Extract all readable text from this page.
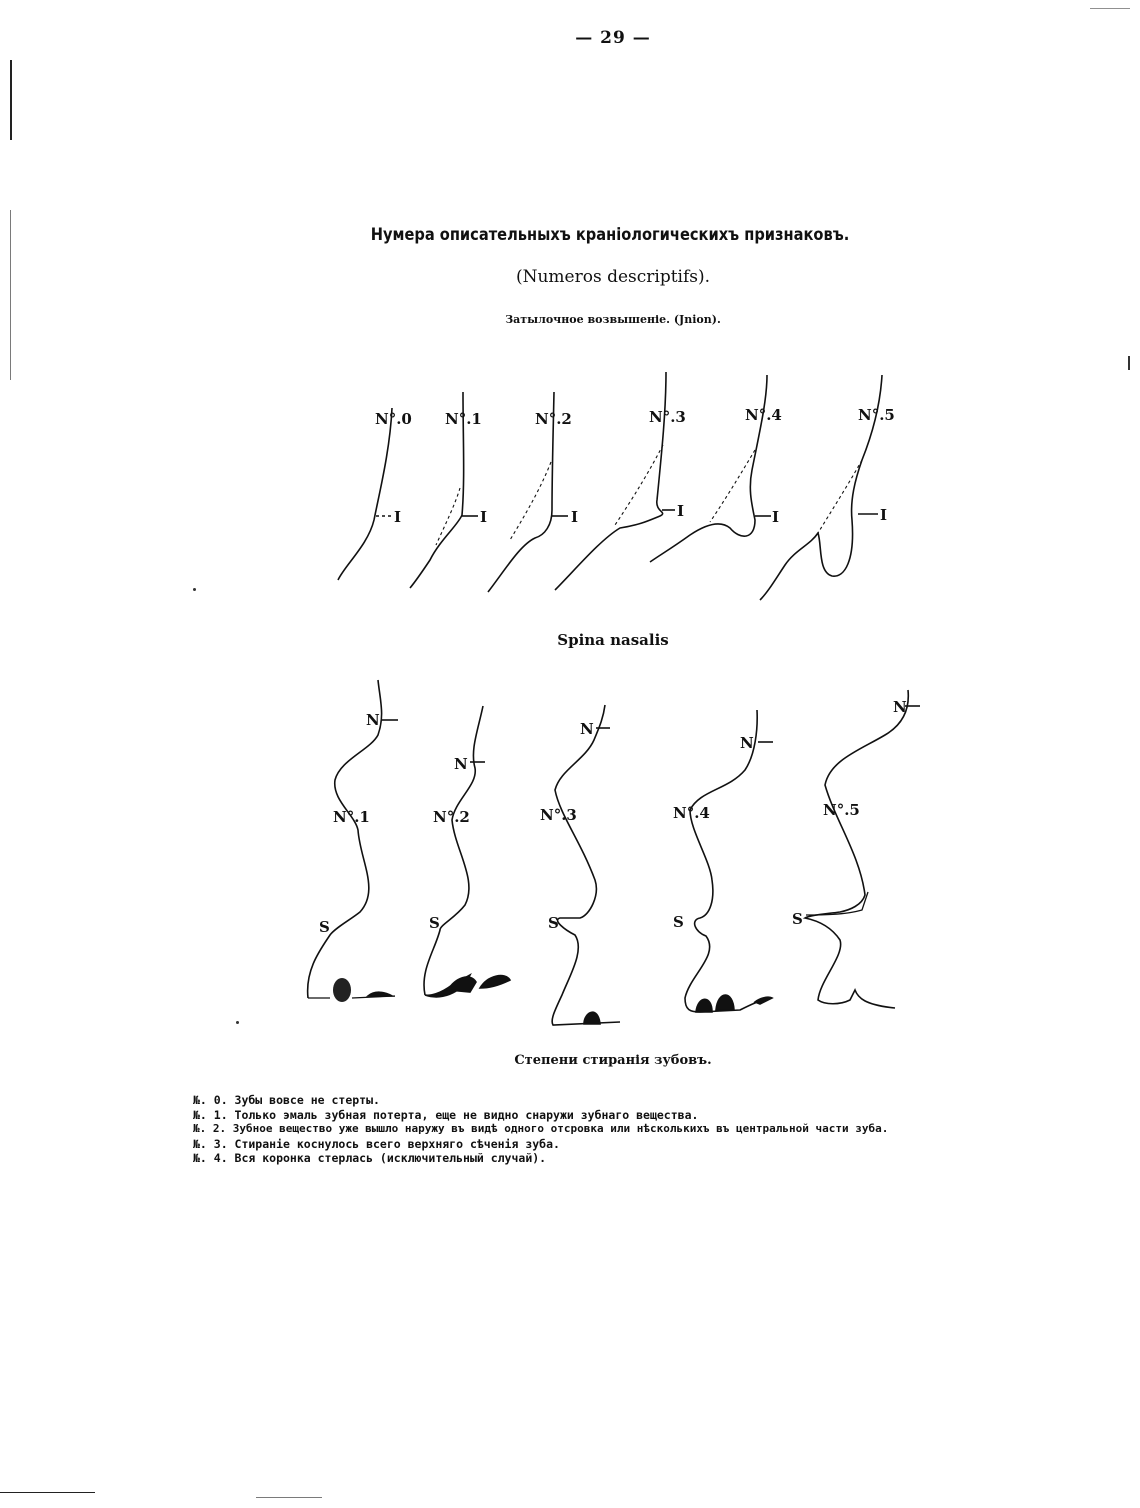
— 29 —
Нумера описательныхъ краніологическихъ признаковъ.
(Numeros descriptifs).
Затылочное возвышеніе. (Jnion).
N°.0
I
N°.1
I
N°.2
I
N°.3
I
N°.4
I
N°.5
I
Spina nasalis
N
N°.1
S
N
N°.2
S
N
N°.3
S
N
N°.4
S
N
N°.5
S
Степени стиранія зубовъ.
№. 0. Зубы вовсе не стерты.
№. 1. Только эмаль зубная потерта, еще не видно снаружи зубнаго вещества.
№. 2. Зубное вещество уже вышло наружу въ видѣ одного отсровка или нѣсколькихъ въ центральной части зуба.
№. 3. Стираніе коснулось всего верхняго сѣченія зуба.
№. 4. Вся коронка стерлась (исключительный случай).
